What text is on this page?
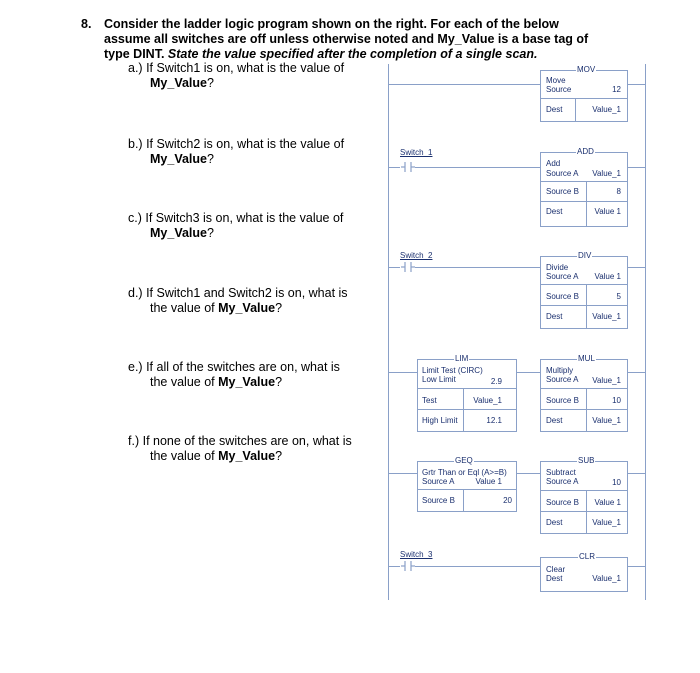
8. Consider the ladder logic program shown on the right. For each of the below
assume all switches are off unless otherwise noted and My_Value is a base tag of
type DINT. State the value specified after the completion of a single scan.
a.) If Switch1 is on, what is the value of
My_Value?
b.) If Switch2 is on, what is the value of
My_Value?
c.) If Switch3 is on, what is the value of
My_Value?
d.) If Switch1 and Switch2 is on, what is
the value of My_Value?
e.) If all of the switches are on, what is
the value of My_Value?
f.) If none of the switches are on, what is
the value of My_Value?
MOV
Move
Source	12
Dest	Value_1
Switch_1	ADD
Add
Source A Value_1
Source B	8
Dest	Value 1
Switch_2	DIV
Divide
Source A Value 1
Source B	5
Dest	Value_1
LIM
Limit Test (CIRC)
Low Limit	2.9
Test	Value_1
High Limit	12.1
MUL
Multiply
Source A Value_1
Source B	10
Dest	Value_1
GEQ
Grtr Than or Eql (A>=B)
Source A	Value 1
Source B	20
SUB
Subtract
Source A	10
Source B Value 1
Dest	Value_1
Switch_3	CLR
Clear
Dest	Value_1
